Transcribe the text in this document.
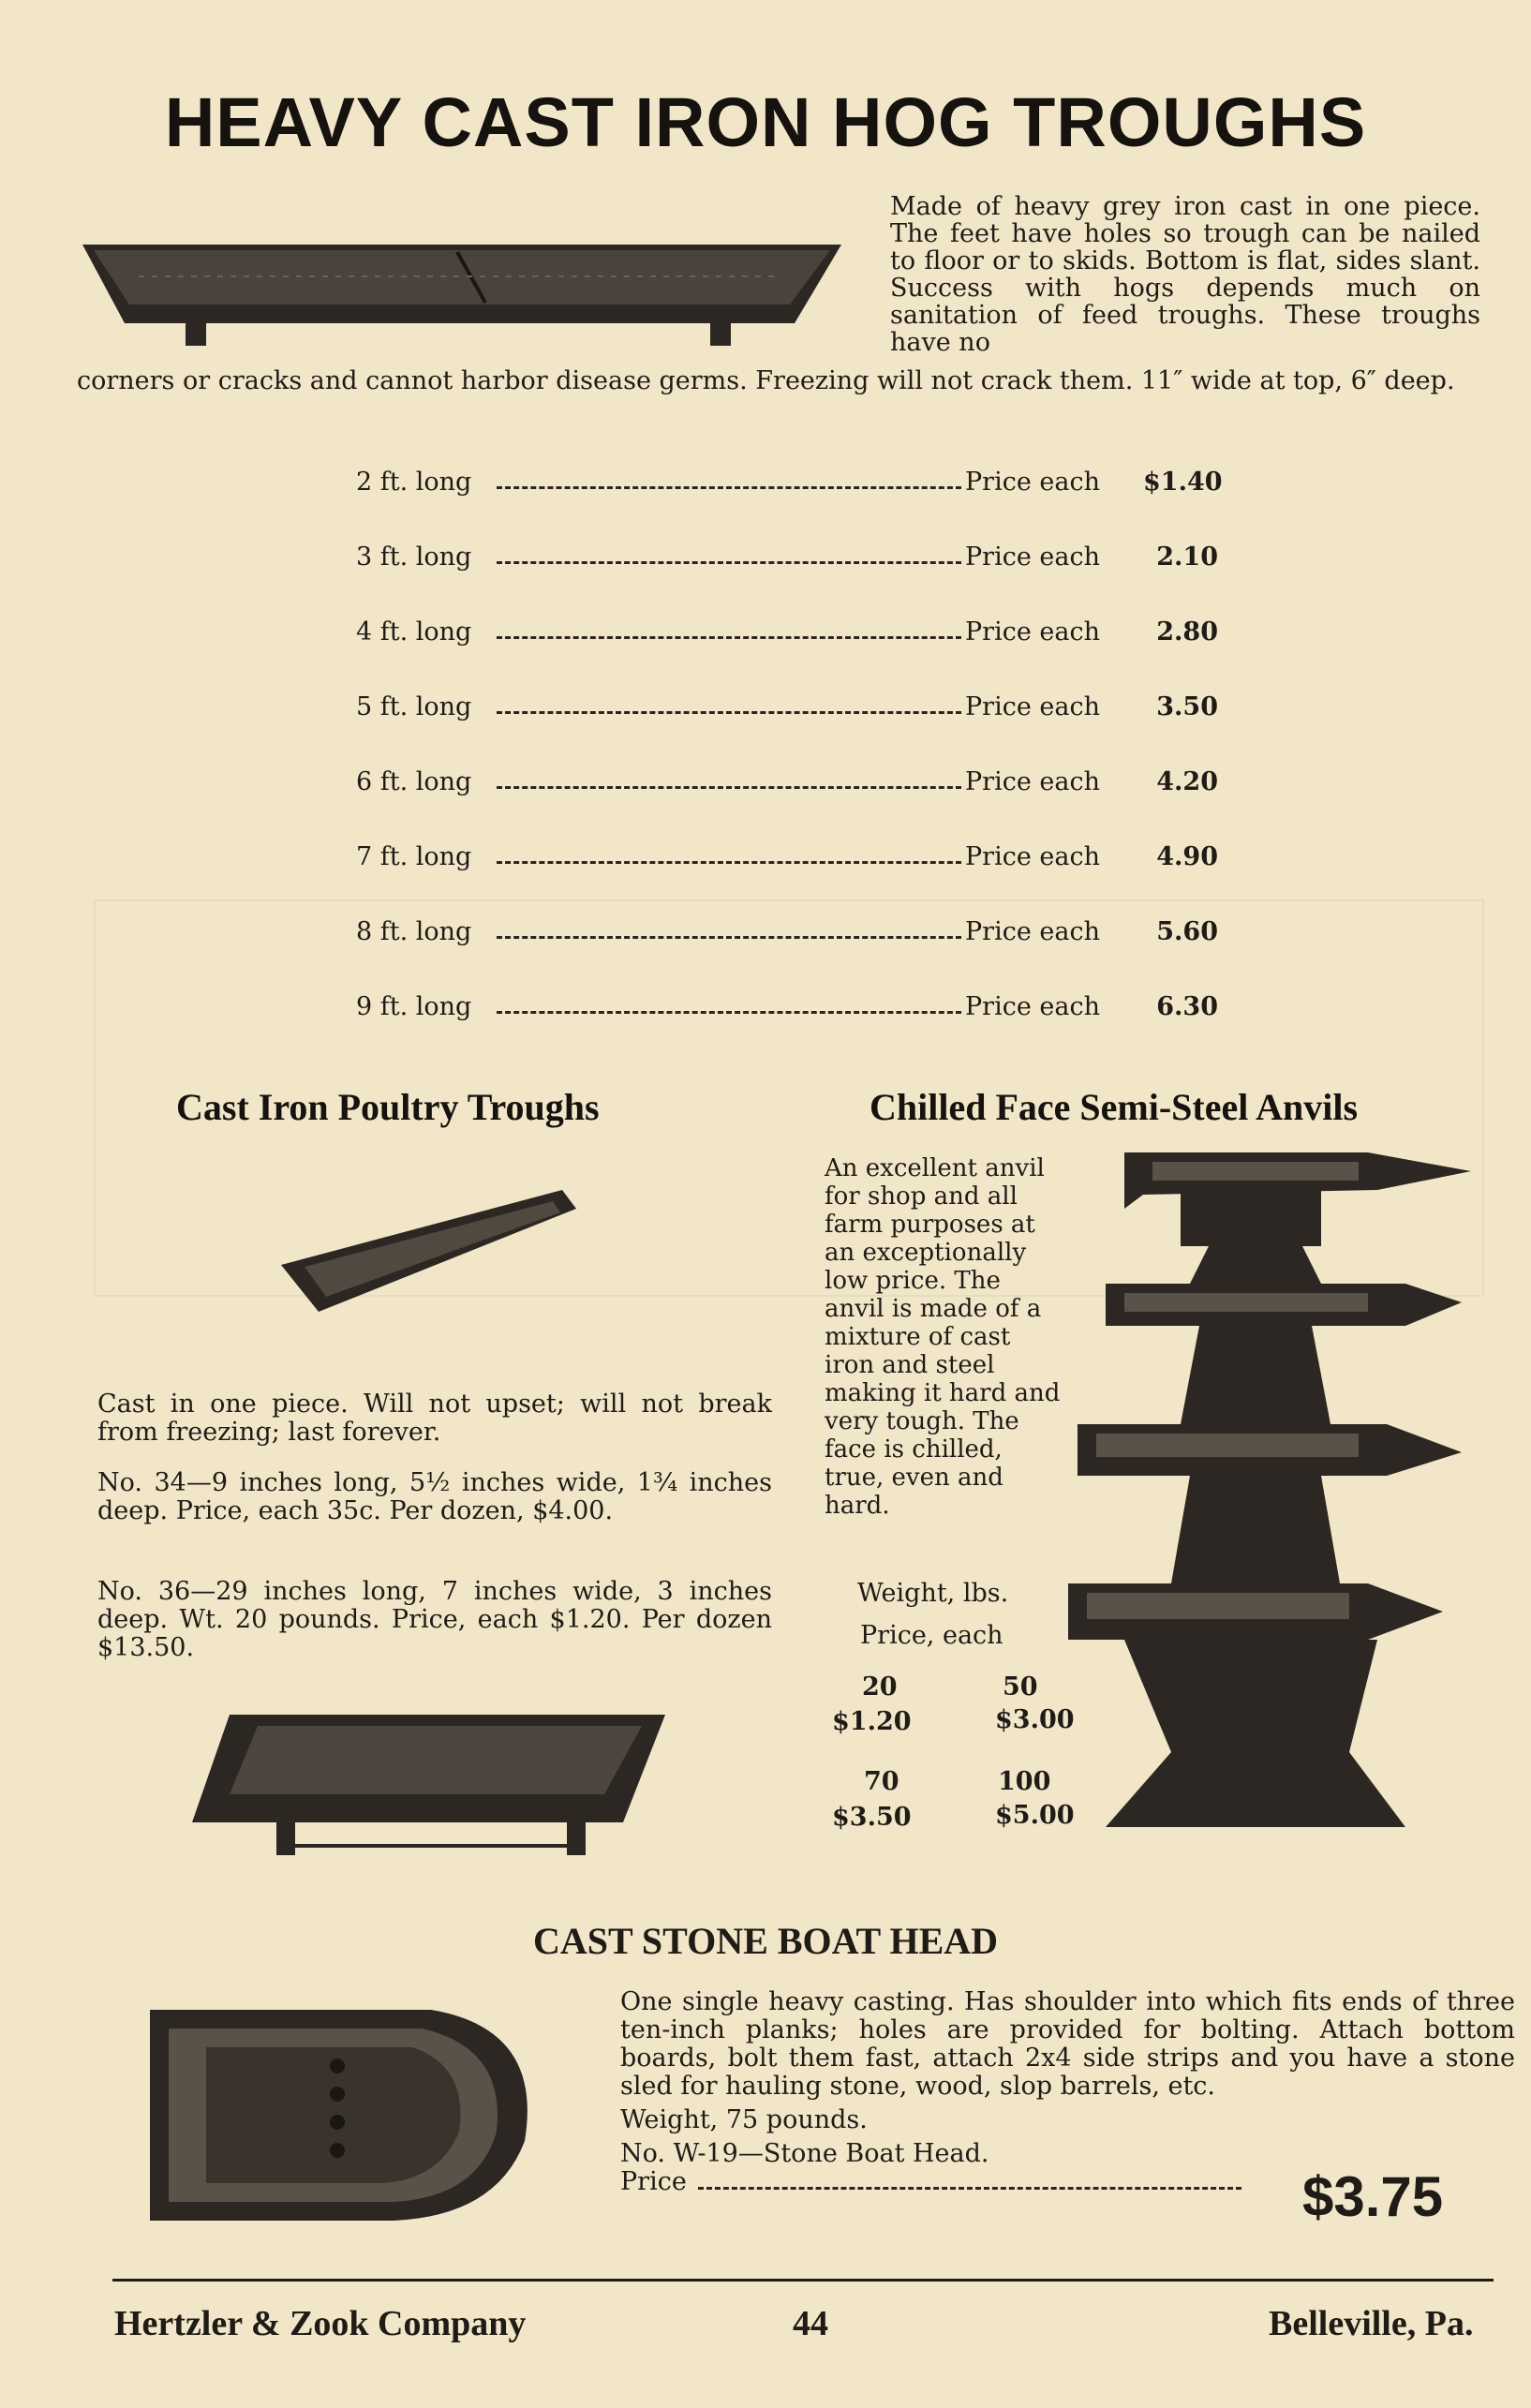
HEAVY CAST IRON HOG TROUGHS
Made of heavy grey iron cast in one piece. The feet have holes so trough can be nailed to floor or to skids. Bottom is flat, sides slant. Success with hogs depends much on sanitation of feed troughs. These troughs have no
corners or cracks and cannot harbor disease germs. Freezing will not crack them. 11″ wide at top, 6″ deep.
2 ft. long	Price each	$1.40
3 ft. long	Price each	2.10
4 ft. long	Price each	2.80
5 ft. long	Price each	3.50
6 ft. long	Price each	4.20
7 ft. long	Price each	4.90
8 ft. long	Price each	5.60
9 ft. long	Price each	6.30
Cast Iron Poultry Troughs
Cast in one piece. Will not upset; will not break from freezing; last forever.
No. 34—9 inches long, 5½ inches wide, 1¾ inches deep. Price, each 35c. Per dozen, $4.00.
No. 36—29 inches long, 7 inches wide, 3 inches deep. Wt. 20 pounds. Price, each $1.20. Per dozen $13.50.
Chilled Face Semi-Steel Anvils
An excellent anvil for shop and all farm purposes at an exceptionally low price. The anvil is made of a mixture of cast iron and steel making it hard and very tough. The face is chilled, true, even and hard.
Weight, lbs.
Price, each
20	50
$1.20	$3.00
70	100
$3.50	$5.00
CAST STONE BOAT HEAD
One single heavy casting. Has shoulder into which fits ends of three ten-inch planks; holes are provided for bolting. Attach bottom boards, bolt them fast, attach 2x4 side strips and you have a stone sled for hauling stone, wood, slop barrels, etc.
Weight, 75 pounds.
No. W-19—Stone Boat Head.
Price	$3.75
Hertzler & Zook Company	44	Belleville, Pa.
